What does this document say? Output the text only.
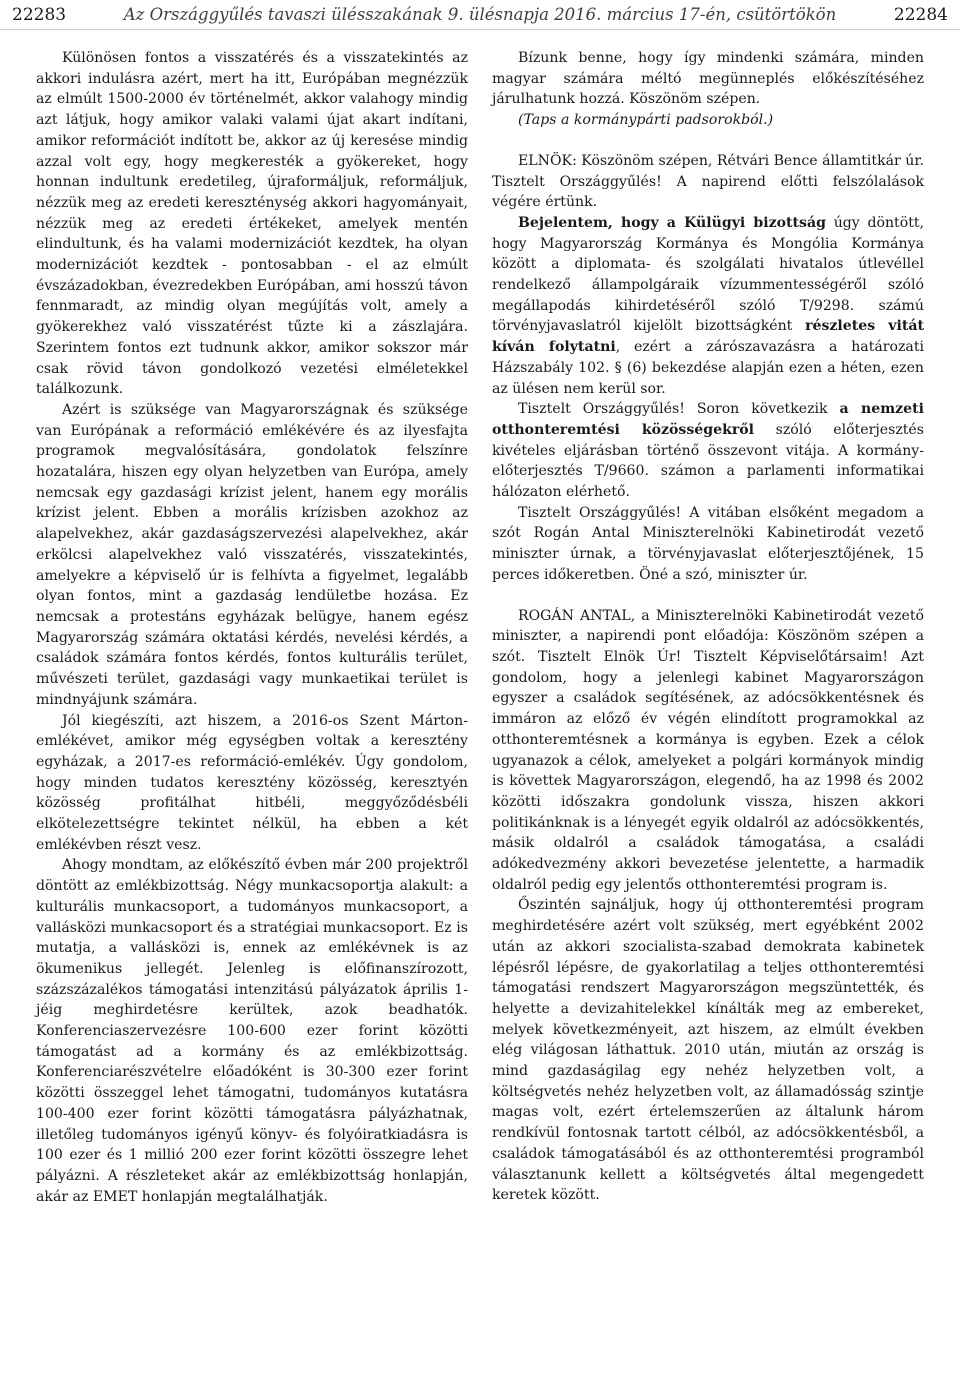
22283	Az Országgyűlés tavaszi ülésszakának 9. ülésnapja 2016. március 17-én, csütörtökön	22284

Különösen fontos a visszatérés és a visszatekintés az akkori indulásra azért, mert ha itt, Európában megnézzük az elmúlt 1500-2000 év történelmét, akkor valahogy mindig azt látjuk, hogy amikor valaki valami újat akart indítani, amikor reformációt indított be, akkor az új keresése mindig azzal volt egy, hogy megkeresték a gyökereket, hogy honnan indultunk eredetileg, újraformáljuk, reformáljuk, nézzük meg az eredeti kereszténység akkori hagyományait, nézzük meg az eredeti értékeket, amelyek mentén elindultunk, és ha valami modernizációt kezdtek, ha olyan modernizációt kezdtek - pontosabban - el az elmúlt évszázadokban, évezredekben Európában, ami hosszú távon fennmaradt, az mindig olyan megújítás volt, amely a gyökerekhez való visszatérést tűzte ki a zászlajára. Szerintem fontos ezt tudnunk akkor, amikor sokszor már csak rövid távon gondolkozó vezetési elméletekkel találkozunk.

Azért is szüksége van Magyarországnak és szüksége van Európának a reformáció emlékévére és az ilyesfajta programok megvalósítására, gondolatok felszínre hozatalára, hiszen egy olyan helyzetben van Európa, amely nemcsak egy gazdasági krízist jelent, hanem egy morális krízist jelent. Ebben a morális krízisben azokhoz az alapelvekhez, akár gazdaságszervezési alapelvekhez, akár erkölcsi alapelvekhez való visszatérés, visszatekintés, amelyekre a képviselő úr is felhívta a figyelmet, legalább olyan fontos, mint a gazdaság lendületbe hozása. Ez nemcsak a protestáns egyházak belügye, hanem egész Magyarország számára oktatási kérdés, nevelési kérdés, a családok számára fontos kérdés, fontos kulturális terület, művészeti terület, gazdasági vagy munkaetikai terület is mindnyájunk számára.

Jól kiegészíti, azt hiszem, a 2016-os Szent Márton-emlékévet, amikor még egységben voltak a keresztény egyházak, a 2017-es reformáció-emlékév. Úgy gondolom, hogy minden tudatos keresztény közösség, keresztyén közösség profitálhat hitbéli, meggyőződésbéli elkötelezettségre tekintet nélkül, ha ebben a két emlékévben részt vesz.

Ahogy mondtam, az előkészítő évben már 200 projektről döntött az emlékbizottság. Négy munkacsoportja alakult: a kulturális munkacsoport, a tudományos munkacsoport, a vallásközi munkacsoport és a stratégiai munkacsoport. Ez is mutatja, a vallásközi is, ennek az emlékévnek is az ökumenikus jellegét. Jelenleg is előfinanszírozott, százszázalékos támogatási intenzitású pályázatok április 1-jéig meghirdetésre kerültek, azok beadhatók. Konferenciaszervezésre 100-600 ezer forint közötti támogatást ad a kormány és az emlékbizottság. Konferenciarészvételre előadóként is 30-300 ezer forint közötti összeggel lehet támogatni, tudományos kutatásra 100-400 ezer forint közötti támogatásra pályázhatnak, illetőleg tudományos igényű könyv- és folyóiratkiadásra is 100 ezer és 1 millió 200 ezer forint közötti összegre lehet pályázni. A részleteket akár az emlékbizottság honlapján, akár az EMET honlapján megtalálhatják.

Bízunk benne, hogy így mindenki számára, minden magyar számára méltó megünneplés előkészítéséhez járulhatunk hozzá. Köszönöm szépen.

(Taps a kormánypárti padsorokból.)

ELNÖK: Köszönöm szépen, Rétvári Bence államtitkár úr. Tisztelt Országgyűlés! A napirend előtti felszólalások végére értünk.

Bejelentem, hogy a Külügyi bizottság úgy döntött, hogy Magyarország Kormánya és Mongólia Kormánya között a diplomata- és szolgálati hivatalos útlevéllel rendelkező állampolgáraik vízummentességéről szóló megállapodás kihirdetéséről szóló T/9298. számú törvényjavaslatról kijelölt bizottságként részletes vitát kíván folytatni, ezért a zárószavazásra a határozati Házszabály 102. § (6) bekezdése alapján ezen a héten, ezen az ülésen nem kerül sor.

Tisztelt Országgyűlés! Soron következik a nemzeti otthonteremtési közösségekről szóló előterjesztés kivételes eljárásban történő összevont vitája. A kormány-előterjesztés T/9660. számon a parlamenti informatikai hálózaton elérhető.

Tisztelt Országgyűlés! A vitában elsőként megadom a szót Rogán Antal Miniszterelnöki Kabinetirodát vezető miniszter úrnak, a törvényjavaslat előterjesztőjének, 15 perces időkeretben. Öné a szó, miniszter úr.

ROGÁN ANTAL, a Miniszterelnöki Kabinetirodát vezető miniszter, a napirendi pont előadója: Köszönöm szépen a szót. Tisztelt Elnök Úr! Tisztelt Képviselőtársaim! Azt gondolom, hogy a jelenlegi kabinet Magyarországon egyszer a családok segítésének, az adócsökkentésnek és immáron az előző év végén elindított programokkal az otthonteremtésnek a kormánya is egyben. Ezek a célok ugyanazok a célok, amelyeket a polgári kormányok mindig is követtek Magyarországon, elegendő, ha az 1998 és 2002 közötti időszakra gondolunk vissza, hiszen akkori politikánknak is a lényegét egyik oldalról az adócsökkentés, másik oldalról a családok támogatása, a családi adókedvezmény akkori bevezetése jelentette, a harmadik oldalról pedig egy jelentős otthonteremtési program is.

Őszintén sajnáljuk, hogy új otthonteremtési program meghirdetésére azért volt szükség, mert egyébként 2002 után az akkori szocialista-szabad demokrata kabinetek lépésről lépésre, de gyakorlatilag a teljes otthonteremtési támogatási rendszert Magyarországon megszüntették, és helyette a devizahitelekkel kínálták meg az embereket, melyek következményeit, azt hiszem, az elmúlt években elég világosan láthattuk. 2010 után, miután az ország is mind gazdaságilag egy nehéz helyzetben volt, a költségvetés nehéz helyzetben volt, az államadósság szintje magas volt, ezért értelemszerűen az általunk három rendkívül fontosnak tartott célból, az adócsökkentésből, a családok támogatásából és az otthonteremtési programból választanunk kellett a költségvetés által megengedett keretek között.
